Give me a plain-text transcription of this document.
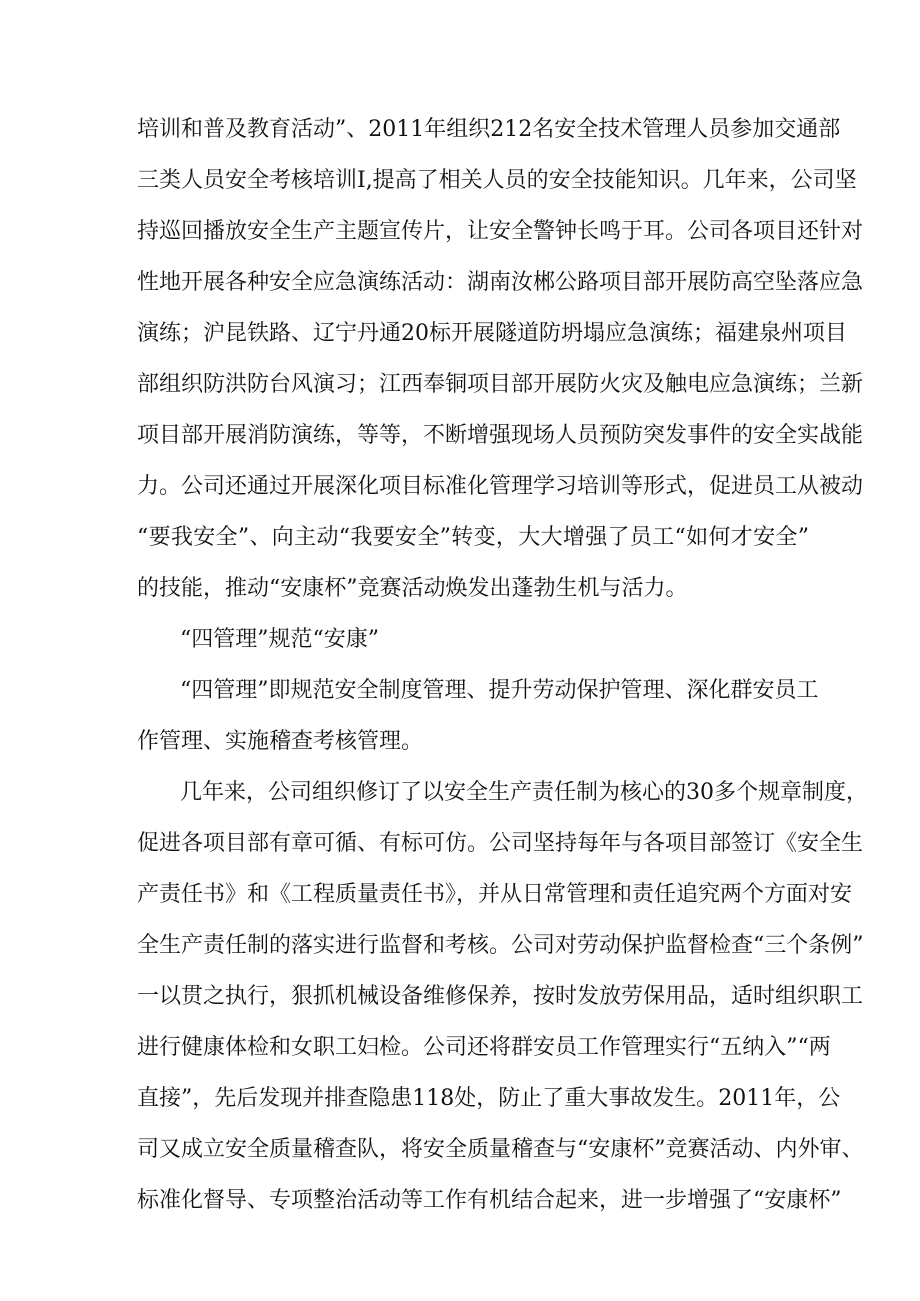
培训和普及教育活动”、2011年组织212名安全技术管理人员参加交通部
三类人员安全考核培训I,提高了相关人员的安全技能知识。几年来，公司坚
持巡回播放安全生产主题宣传片，让安全警钟长鸣于耳。公司各项目还针对
性地开展各种安全应急演练活动：湖南汝郴公路项目部开展防高空坠落应急
演练；沪昆铁路、辽宁丹通20标开展隧道防坍塌应急演练；福建泉州项目
部组织防洪防台风演习；江西奉铜项目部开展防火灾及触电应急演练；兰新
项目部开展消防演练，等等，不断增强现场人员预防突发事件的安全实战能
力。公司还通过开展深化项目标准化管理学习培训等形式，促进员工从被动
“要我安全”、向主动“我要安全”转变，大大增强了员工“如何才安全”
的技能，推动“安康杯”竞赛活动焕发出蓬勃生机与活力。
“四管理”规范“安康”
“四管理”即规范安全制度管理、提升劳动保护管理、深化群安员工
作管理、实施稽查考核管理。
几年来，公司组织修订了以安全生产责任制为核心的30多个规章制度，
促进各项目部有章可循、有标可仿。公司坚持每年与各项目部签订《安全生
产责任书》和《工程质量责任书》，并从日常管理和责任追究两个方面对安
全生产责任制的落实进行监督和考核。公司对劳动保护监督检查“三个条例”
一以贯之执行，狠抓机械设备维修保养，按时发放劳保用品，适时组织职工
进行健康体检和女职工妇检。公司还将群安员工作管理实行“五纳入”“两
直接”，先后发现并排查隐患118处，防止了重大事故发生。2011年，公
司又成立安全质量稽查队，将安全质量稽查与“安康杯”竞赛活动、内外审、
标准化督导、专项整治活动等工作有机结合起来，进一步增强了“安康杯”
